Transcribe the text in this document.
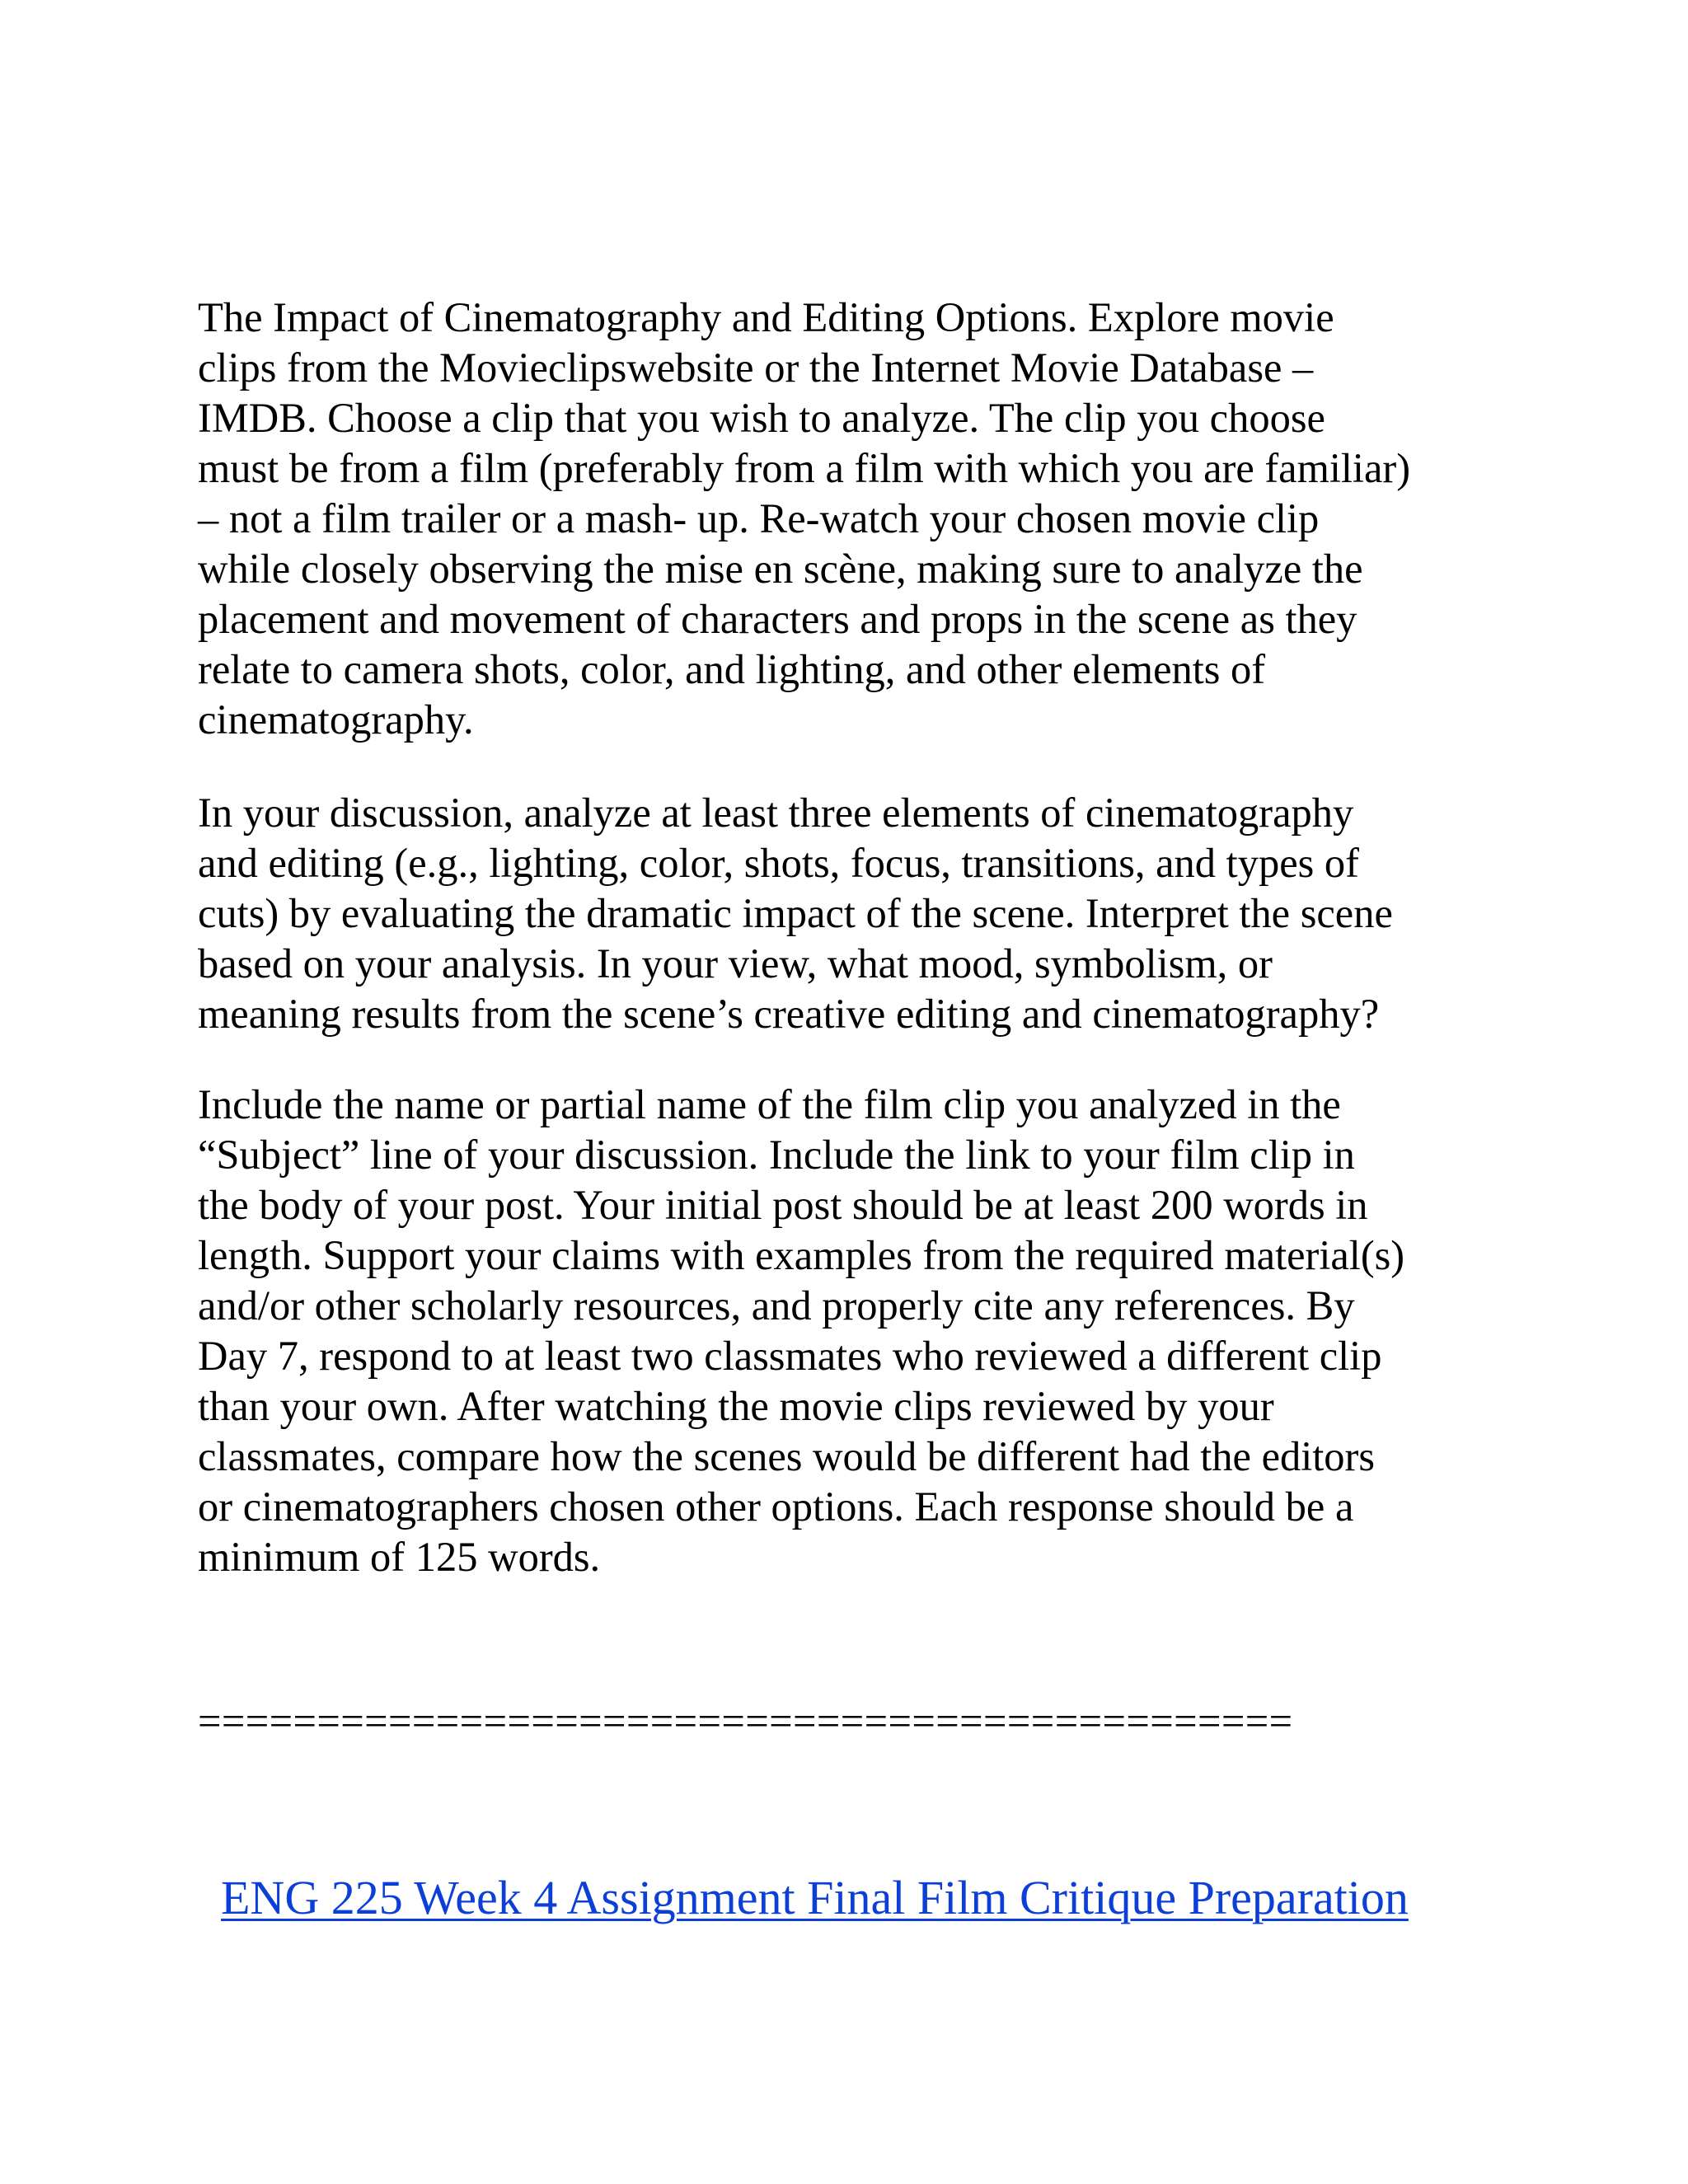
The Impact of Cinematography and Editing Options. Explore movie
clips from the Movieclipswebsite or the Internet Movie Database –
IMDB. Choose a clip that you wish to analyze. The clip you choose
must be from a film (preferably from a film with which you are familiar)
– not a film trailer or a mash- up. Re-watch your chosen movie clip
while closely observing the mise en scène, making sure to analyze the
placement and movement of characters and props in the scene as they
relate to camera shots, color, and lighting, and other elements of
cinematography.
In your discussion, analyze at least three elements of cinematography
and editing (e.g., lighting, color, shots, focus, transitions, and types of
cuts) by evaluating the dramatic impact of the scene. Interpret the scene
based on your analysis. In your view, what mood, symbolism, or
meaning results from the scene’s creative editing and cinematography?
Include the name or partial name of the film clip you analyzed in the
“Subject” line of your discussion. Include the link to your film clip in
the body of your post. Your initial post should be at least 200 words in
length. Support your claims with examples from the required material(s)
and/or other scholarly resources, and properly cite any references. By
Day 7, respond to at least two classmates who reviewed a different clip
than your own. After watching the movie clips reviewed by your
classmates, compare how the scenes would be different had the editors
or cinematographers chosen other options. Each response should be a
minimum of 125 words.
==============================================
ENG 225 Week 4 Assignment Final Film Critique Preparation
